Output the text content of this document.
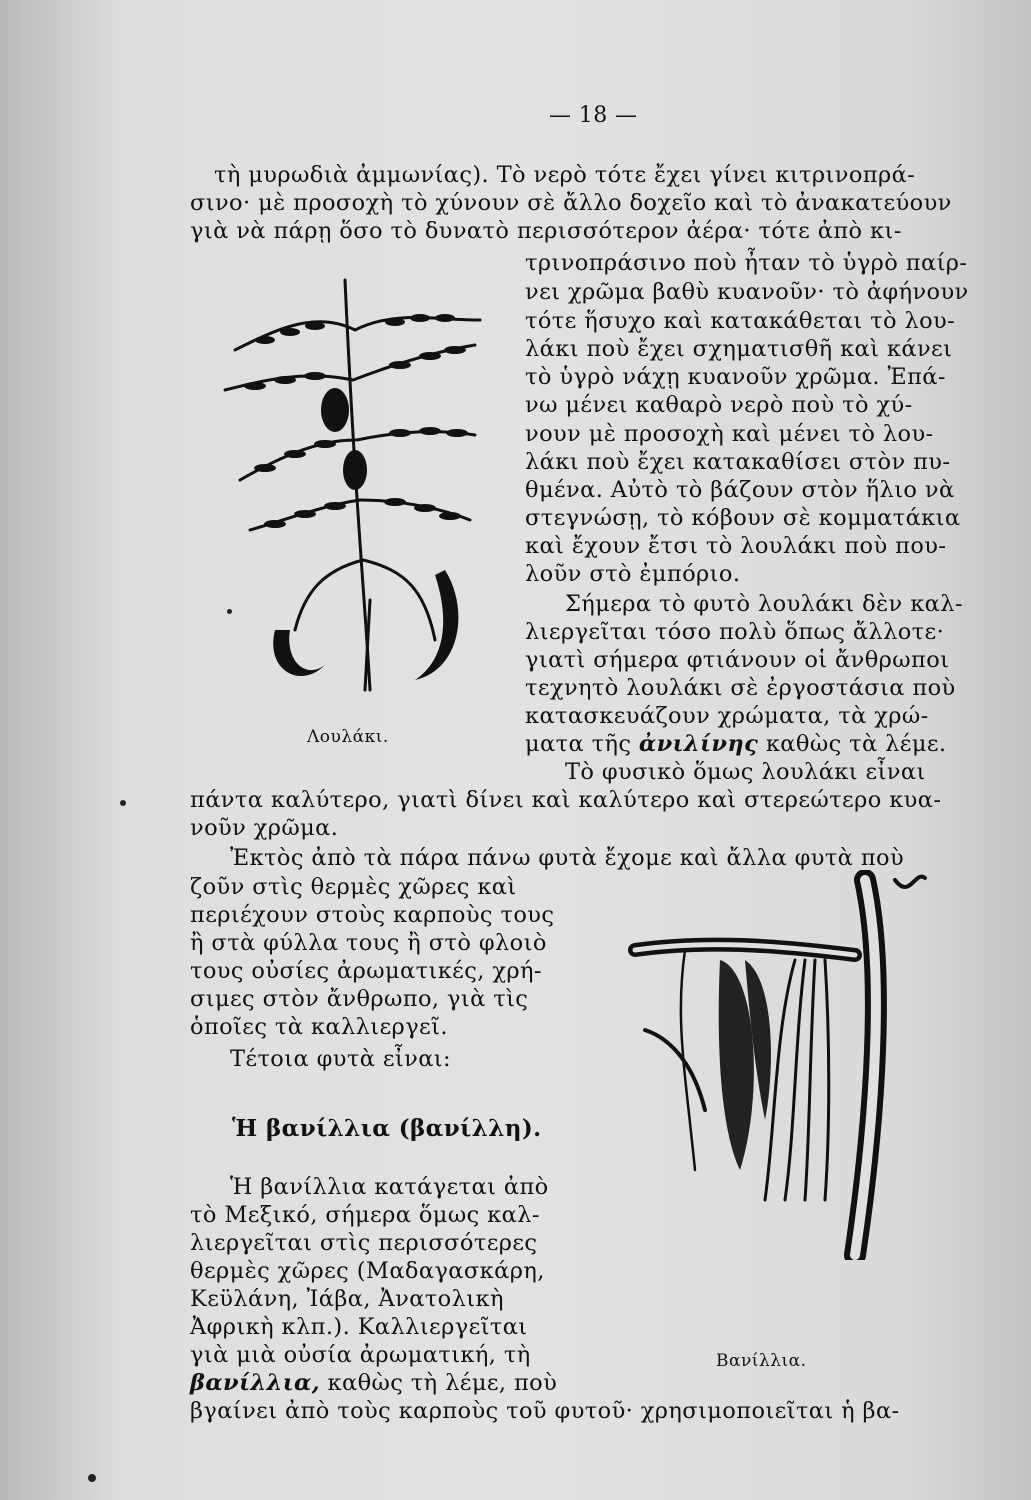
— 18 —
τὴ μυρωδιὰ ἀμμωνίας). Τὸ νερὸ τότε ἔχει γίνει κιτρινοπρά-
σινο· μὲ προσοχὴ τὸ χύνουν σὲ ἄλλο δοχεῖο καὶ τὸ ἀνακατεύουν
γιὰ νὰ πάρῃ ὅσο τὸ δυνατὸ περισσότερον ἀέρα· τότε ἀπὸ κι-
τρινοπράσινο ποὺ ἦταν τὸ ὑγρὸ παίρ-
νει χρῶμα βαθὺ κυανοῦν· τὸ ἀφήνουν
τότε ἥσυχο καὶ κατακάθεται τὸ λου-
λάκι ποὺ ἔχει σχηματισθῆ καὶ κάνει
τὸ ὑγρὸ νάχῃ κυανοῦν χρῶμα. Ἐπά-
νω μένει καθαρὸ νερὸ ποὺ τὸ χύ-
νουν μὲ προσοχὴ καὶ μένει τὸ λου-
λάκι ποὺ ἔχει κατακαθίσει στὸν πυ-
θμένα. Αὐτὸ τὸ βάζουν στὸν ἥλιο νὰ
στεγνώσῃ, τὸ κόβουν σὲ κομματάκια
καὶ ἔχουν ἔτσι τὸ λουλάκι ποὺ που-
λοῦν στὸ ἐμπόριο.
Σήμερα τὸ φυτὸ λουλάκι δὲν καλ-
λιεργεῖται τόσο πολὺ ὅπως ἄλλοτε·
γιατὶ σήμερα φτιάνουν οἱ ἄνθρωποι
τεχνητὸ λουλάκι σὲ ἐργοστάσια ποὺ
κατασκευάζουν χρώματα, τὰ χρώ-
ματα τῆς ἀνιλίνης καθὼς τὰ λέμε.
Τὸ φυσικὸ ὅμως λουλάκι εἶναι
Λουλάκι.
πάντα καλύτερο, γιατὶ δίνει καὶ καλύτερο καὶ στερεώτερο κυα-
νοῦν χρῶμα.
Ἐκτὸς ἀπὸ τὰ πάρα πάνω φυτὰ ἔχομε καὶ ἄλλα φυτὰ ποὺ
ζοῦν στὶς θερμὲς χῶρες καὶ
περιέχουν στοὺς καρποὺς τους
ἢ στὰ φύλλα τους ἢ στὸ φλοιὸ
τους οὐσίες ἀρωματικές, χρή-
σιμες στὸν ἄνθρωπο, γιὰ τὶς
ὁποῖες τὰ καλλιεργεῖ.
Τέτοια φυτὰ εἶναι:
Ἡ βανίλλια (βανίλλη).
Ἡ βανίλλια κατάγεται ἀπὸ
τὸ Μεξικό, σήμερα ὅμως καλ-
λιεργεῖται στὶς περισσότερες
θερμὲς χῶρες (Μαδαγασκάρη,
Κεϋλάνη, Ἰάβα, Ἀνατολικὴ
Ἀφρικὴ κλπ.). Καλλιεργεῖται
γιὰ μιὰ οὐσία ἀρωματική, τὴ
βανίλλια, καθὼς τὴ λέμε, ποὺ
βγαίνει ἀπὸ τοὺς καρποὺς τοῦ φυτοῦ· χρησιμοποιεῖται ἡ βα-
Βανίλλια.
